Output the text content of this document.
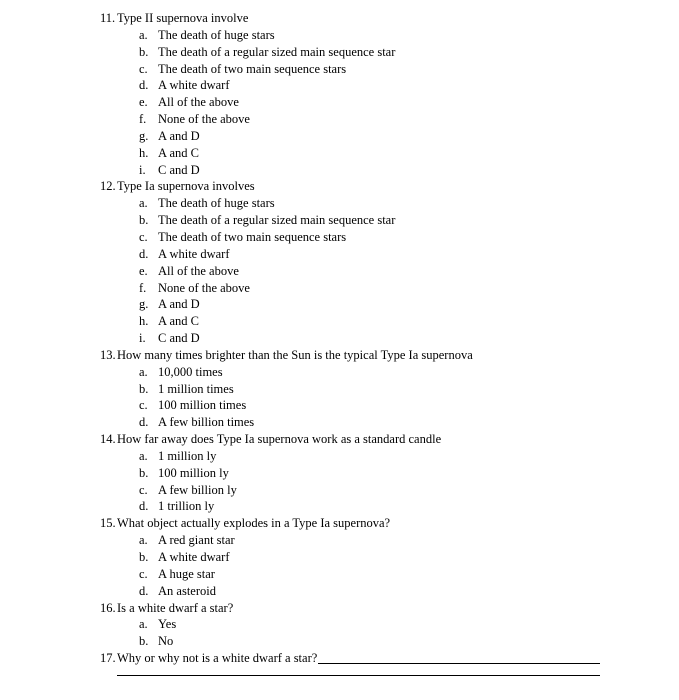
11. Type II supernova involve
a. The death of huge stars
b. The death of a regular sized main sequence star
c. The death of two main sequence stars
d. A white dwarf
e. All of the above
f. None of the above
g. A and D
h. A and C
i. C and D
12. Type Ia supernova involves
a. The death of huge stars
b. The death of a regular sized main sequence star
c. The death of two main sequence stars
d. A white dwarf
e. All of the above
f. None of the above
g. A and D
h. A and C
i. C and D
13. How many times brighter than the Sun is the typical Type Ia supernova
a. 10,000 times
b. 1 million times
c. 100 million times
d. A few billion times
14. How far away does Type Ia supernova work as a standard candle
a. 1 million ly
b. 100 million ly
c. A few billion ly
d. 1 trillion ly
15. What object actually explodes in a Type Ia supernova?
a. A red giant star
b. A white dwarf
c. A huge star
d. An asteroid
16. Is a white dwarf a star?
a. Yes
b. No
17. Why or why not is a white dwarf a star?
